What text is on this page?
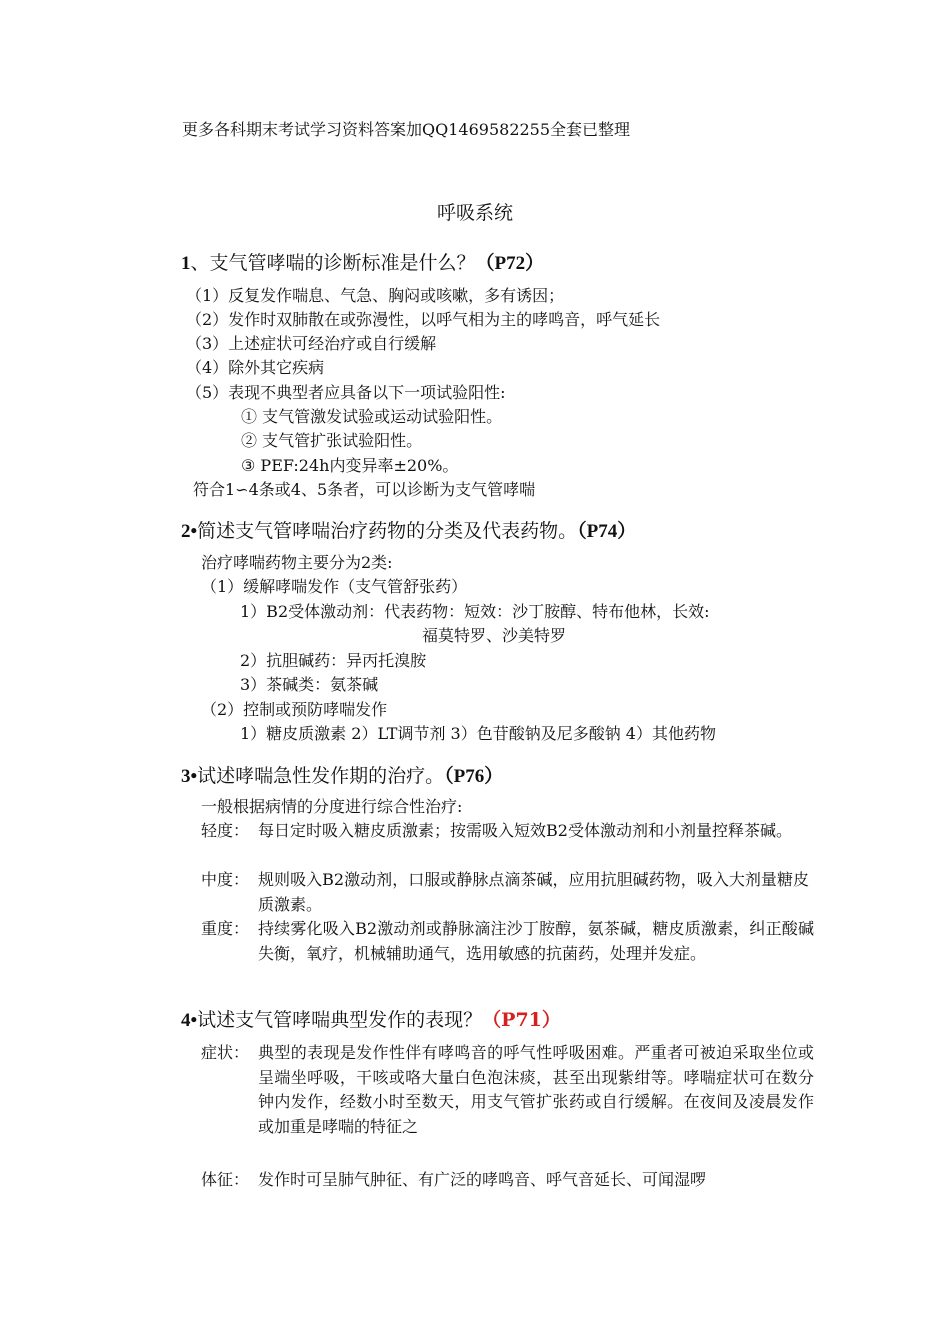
更多各科期末考试学习资料答案加QQ1469582255全套已整理
呼吸系统
1、支气管哮喘的诊断标准是什么？（P72）
（1）反复发作喘息、气急、胸闷或咳嗽，多有诱因；
（2）发作时双肺散在或弥漫性，以呼气相为主的哮鸣音，呼气延长
（3）上述症状可经治疗或自行缓解
（4）除外其它疾病
（5）表现不典型者应具备以下一项试验阳性:
① 支气管激发试验或运动试验阳性。
② 支气管扩张试验阳性。
③ PEF:24h内变异率±20%。
符合1∽4条或4、5条者，可以诊断为支气管哮喘
2•简述支气管哮喘治疗药物的分类及代表药物。（P74）
治疗哮喘药物主要分为2类:
（1）缓解哮喘发作（支气管舒张药）
1）B2受体激动剂：代表药物：短效：沙丁胺醇、特布他林，长效:
福莫特罗、沙美特罗
2）抗胆碱药：异丙托溴胺
3）茶碱类：氨茶碱
（2）控制或预防哮喘发作
1）糖皮质激素 2）LT调节剂 3）色苷酸钠及尼多酸钠 4）其他药物
3•试述哮喘急性发作期的治疗。（P76）
一般根据病情的分度进行综合性治疗:
轻度： 每日定时吸入糖皮质激素；按需吸入短效B2受体激动剂和小剂量控释茶碱。
中度： 规则吸入B2激动剂，口服或静脉点滴茶碱，应用抗胆碱药物，吸入大剂量糖皮质激素。
重度： 持续雾化吸入B2激动剂或静脉滴注沙丁胺醇，氨茶碱，糖皮质激素，纠正酸碱失衡，氧疗，机械辅助通气，选用敏感的抗菌药，处理并发症。
4•试述支气管哮喘典型发作的表现？（P71）
症状： 典型的表现是发作性伴有哮鸣音的呼气性呼吸困难。严重者可被迫采取坐位或呈端坐呼吸，干咳或咯大量白色泡沫痰，甚至出现紫绀等。哮喘症状可在数分钟内发作，经数小时至数天，用支气管扩张药或自行缓解。在夜间及凌晨发作或加重是哮喘的特征之
体征： 发作时可呈肺气肿征、有广泛的哮鸣音、呼气音延长、可闻湿啰
